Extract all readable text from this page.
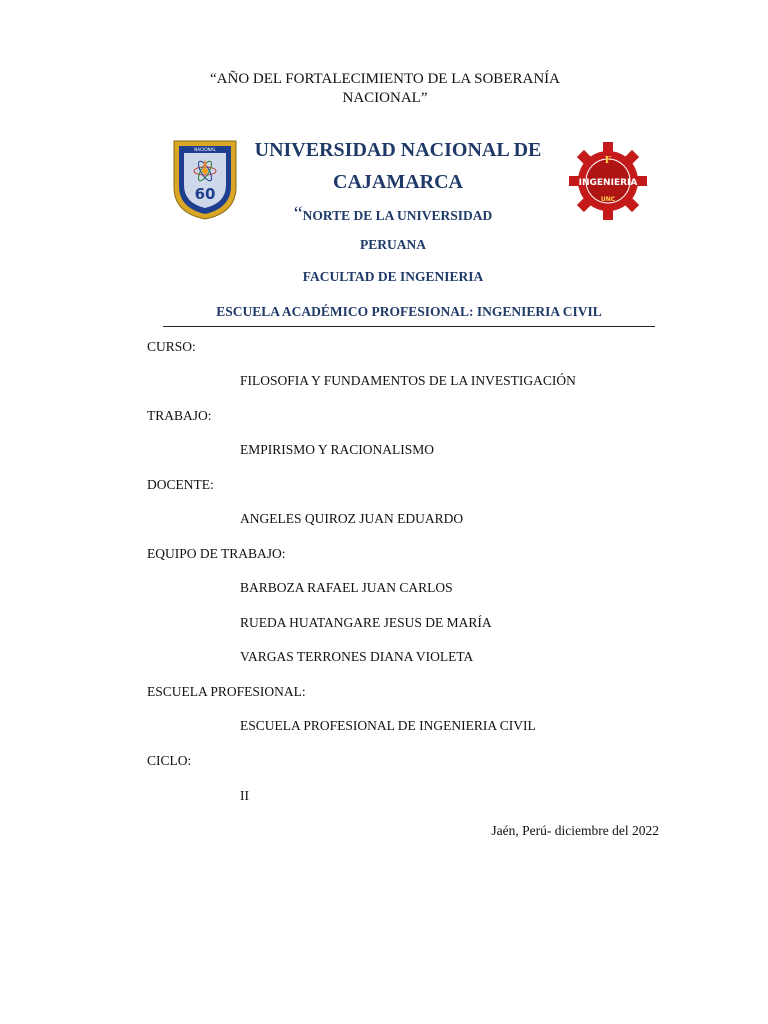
“AÑO DEL FORTALECIMIENTO DE LA SOBERANÍA
NACIONAL”
NACIONAL
60
UNIVERSIDAD NACIONAL DE
CAJAMARCA
“NORTE DE LA UNIVERSIDAD
PERUANA
F
INGENIERIA
UNC
FACULTAD DE INGENIERIA
ESCUELA ACADÉMICO PROFESIONAL: INGENIERIA CIVIL
CURSO:
FILOSOFIA Y FUNDAMENTOS DE LA INVESTIGACIÓN
TRABAJO:
EMPIRISMO Y RACIONALISMO
DOCENTE:
ANGELES QUIROZ JUAN EDUARDO
EQUIPO DE TRABAJO:
BARBOZA RAFAEL JUAN CARLOS
RUEDA HUATANGARE JESUS DE MARÍA
VARGAS TERRONES DIANA VIOLETA
ESCUELA PROFESIONAL:
ESCUELA PROFESIONAL DE INGENIERIA CIVIL
CICLO:
II
Jaén, Perú- diciembre del 2022
